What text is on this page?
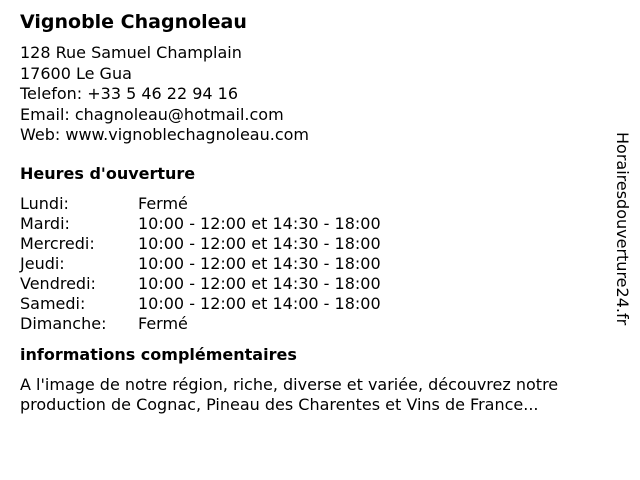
Vignoble Chagnoleau
128 Rue Samuel Champlain
17600 Le Gua
Telefon: +33 5 46 22 94 16
Email: chagnoleau@hotmail.com
Web: www.vignoblechagnoleau.com
Heures d'ouverture
Lundi:	Fermé
Mardi:	10:00 - 12:00 et 14:30 - 18:00
Mercredi:	10:00 - 12:00 et 14:30 - 18:00
Jeudi:	10:00 - 12:00 et 14:30 - 18:00
Vendredi:	10:00 - 12:00 et 14:30 - 18:00
Samedi:	10:00 - 12:00 et 14:00 - 18:00
Dimanche:	Fermé
informations complémentaires
A l'image de notre région, riche, diverse et variée, découvrez notre production de Cognac, Pineau des Charentes et Vins de France...
Horairesdouverture24.fr
